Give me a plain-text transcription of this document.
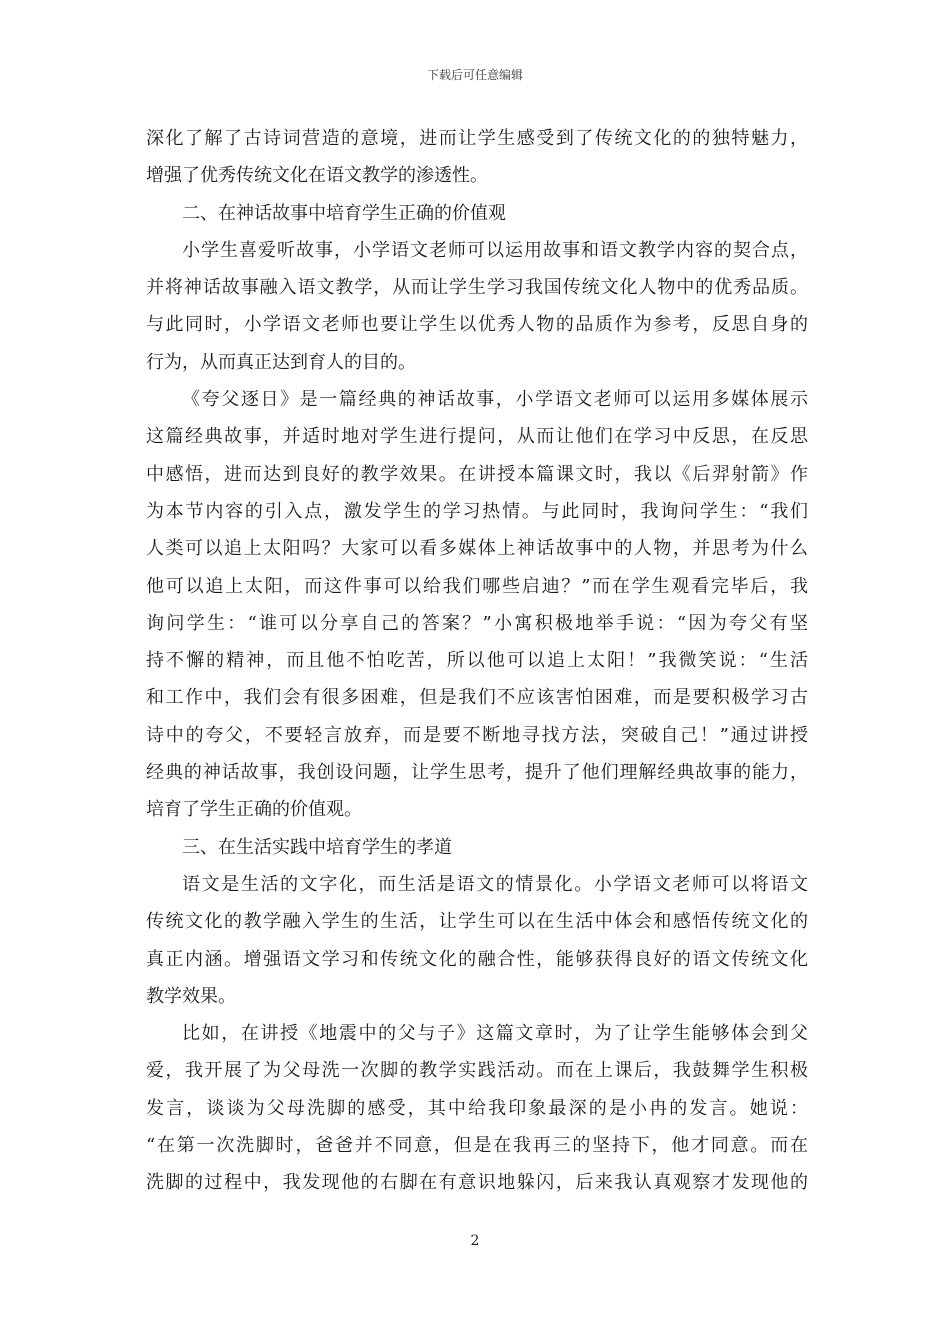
下载后可任意编辑
深化了解了古诗词营造的意境，进而让学生感受到了传统文化的的独特魅力，
增强了优秀传统文化在语文教学的渗透性。
二、在神话故事中培育学生正确的价值观
小学生喜爱听故事，小学语文老师可以运用故事和语文教学内容的契合点，
并将神话故事融入语文教学，从而让学生学习我国传统文化人物中的优秀品质。
与此同时，小学语文老师也要让学生以优秀人物的品质作为参考，反思自身的
行为，从而真正达到育人的目的。
《夸父逐日》是一篇经典的神话故事，小学语文老师可以运用多媒体展示
这篇经典故事，并适时地对学生进行提问，从而让他们在学习中反思，在反思
中感悟，进而达到良好的教学效果。在讲授本篇课文时，我以《后羿射箭》作
为本节内容的引入点，激发学生的学习热情。与此同时，我询问学生：“我们
人类可以追上太阳吗？大家可以看多媒体上神话故事中的人物，并思考为什么
他可以追上太阳，而这件事可以给我们哪些启迪？”而在学生观看完毕后，我
询问学生：“谁可以分享自己的答案？”小寓积极地举手说：“因为夸父有坚
持不懈的精神，而且他不怕吃苦，所以他可以追上太阳！”我微笑说：“生活
和工作中，我们会有很多困难，但是我们不应该害怕困难，而是要积极学习古
诗中的夸父，不要轻言放弃，而是要不断地寻找方法，突破自己！”通过讲授
经典的神话故事，我创设问题，让学生思考，提升了他们理解经典故事的能力，
培育了学生正确的价值观。
三、在生活实践中培育学生的孝道
语文是生活的文字化，而生活是语文的情景化。小学语文老师可以将语文
传统文化的教学融入学生的生活，让学生可以在生活中体会和感悟传统文化的
真正内涵。增强语文学习和传统文化的融合性，能够获得良好的语文传统文化
教学效果。
比如，在讲授《地震中的父与子》这篇文章时，为了让学生能够体会到父
爱，我开展了为父母洗一次脚的教学实践活动。而在上课后，我鼓舞学生积极
发言，谈谈为父母洗脚的感受，其中给我印象最深的是小冉的发言。她说：
“在第一次洗脚时，爸爸并不同意，但是在我再三的坚持下，他才同意。而在
洗脚的过程中，我发现他的右脚在有意识地躲闪，后来我认真观察才发现他的
2
